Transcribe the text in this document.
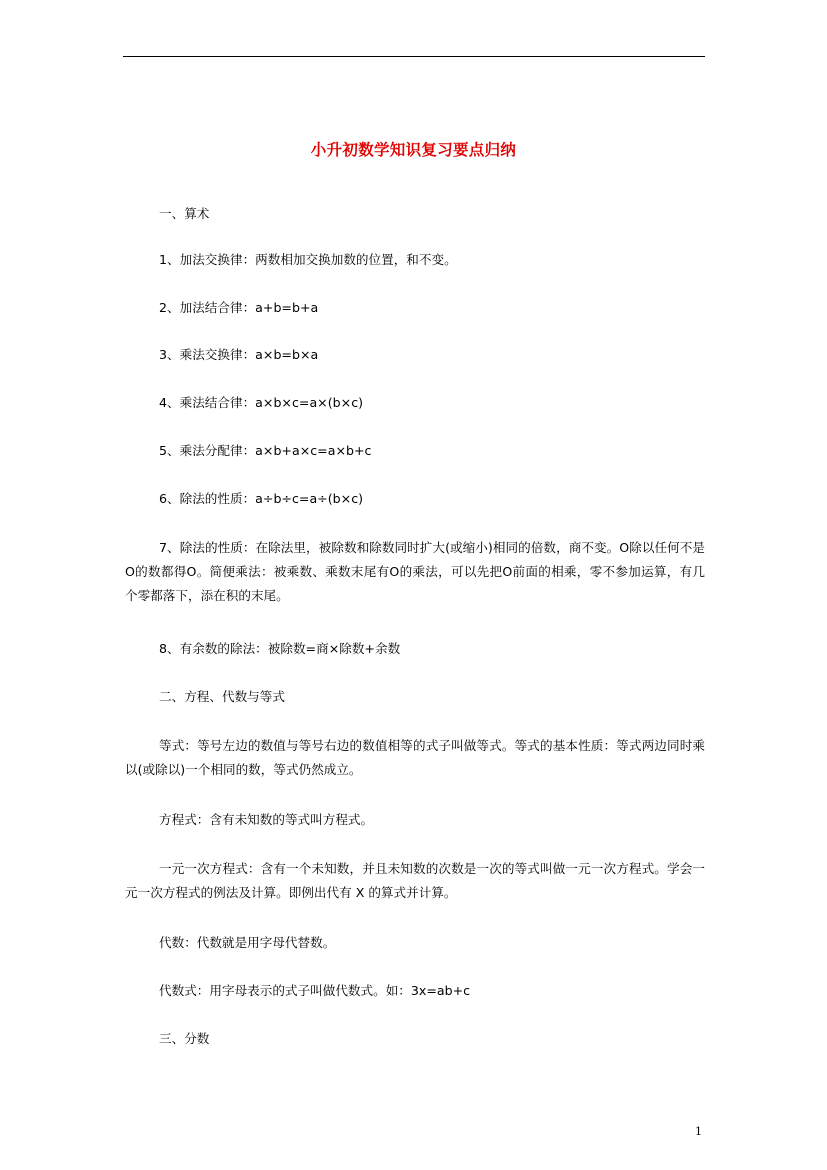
小升初数学知识复习要点归纳
一、算术
1、加法交换律：两数相加交换加数的位置，和不变。
2、加法结合律：a+b=b+a
3、乘法交换律：a×b=b×a
4、乘法结合律：a×b×c=a×(b×c)
5、乘法分配律：a×b+a×c=a×b+c
6、除法的性质：a÷b÷c=a÷(b×c)
7、除法的性质：在除法里，被除数和除数同时扩大(或缩小)相同的倍数，商不变。O除以任何不是O的数都得O。简便乘法：被乘数、乘数末尾有O的乘法，可以先把O前面的相乘，零不参加运算，有几个零都落下，添在积的末尾。
8、有余数的除法：被除数=商×除数+余数
二、方程、代数与等式
等式：等号左边的数值与等号右边的数值相等的式子叫做等式。等式的基本性质：等式两边同时乘以(或除以)一个相同的数，等式仍然成立。
方程式：含有未知数的等式叫方程式。
一元一次方程式：含有一个未知数，并且未知数的次数是一次的等式叫做一元一次方程式。学会一元一次方程式的例法及计算。即例出代有 X 的算式并计算。
代数：代数就是用字母代替数。
代数式：用字母表示的式子叫做代数式。如：3x=ab+c
三、分数
1
